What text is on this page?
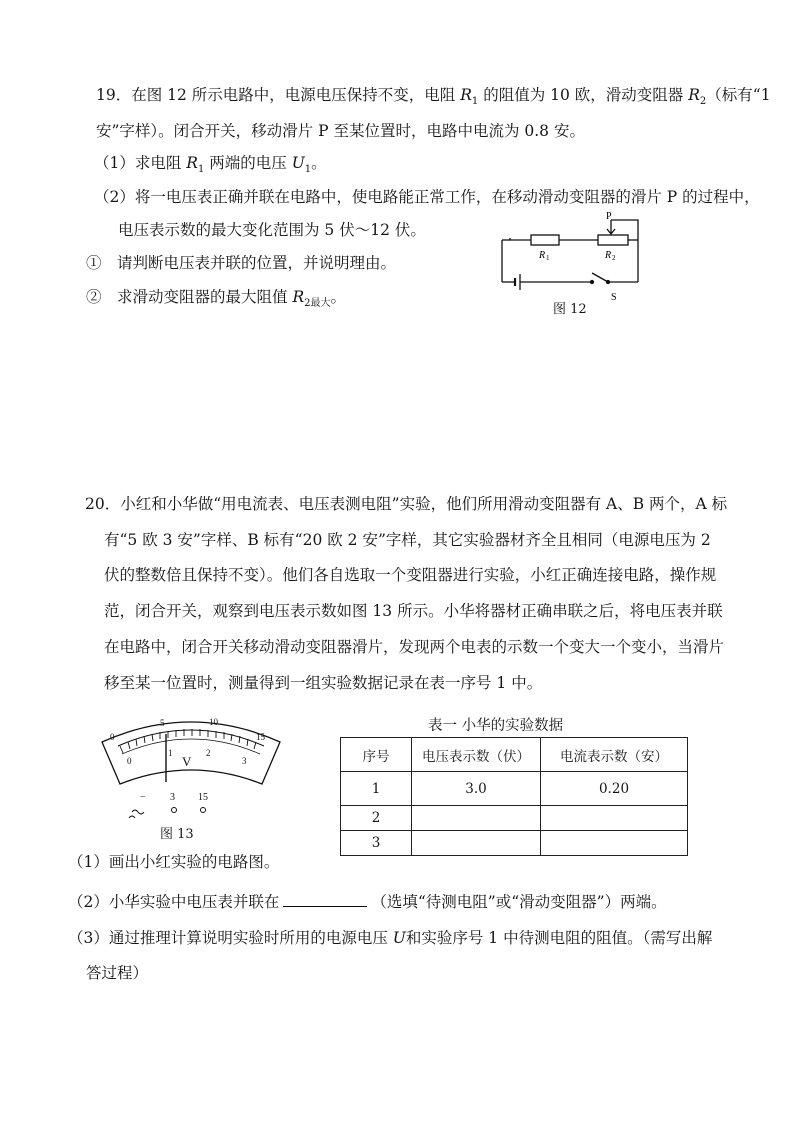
19．在图 12 所示电路中，电源电压保持不变，电阻 $R_1$ 的阻值为 10 欧，滑动变阻器 $R_2$（标有“1
安”字样）。闭合开关，移动滑片 P 至某位置时，电路中电流为 0.8 安。
（1）求电阻 $R_1$ 两端的电压 $U_1$。
（2）将一电压表正确并联在电路中，使电路能正常工作，在移动滑动变阻器的滑片 P 的过程中，
电压表示数的最大变化范围为 5 伏～12 伏。
①　请判断电压表并联的位置，并说明理由。
②　求滑动变阻器的最大阻值 $R_{2最大}$。
P
R 1	R 2
S
图 12
20．小红和小华做“用电流表、电压表测电阻”实验，他们所用滑动变阻器有 A、B 两个，A 标
有“5 欧 3 安”字样、B 标有“20 欧 2 安”字样，其它实验器材齐全且相同（电源电压为 2
伏的整数倍且保持不变）。他们各自选取一个变阻器进行实验，小红正确连接电路，操作规
范，闭合开关，观察到电压表示数如图 13 所示。小华将器材正确串联之后，将电压表并联
在电路中，闭合开关移动滑动变阻器滑片，发现两个电表的示数一个变大一个变小，当滑片
移至某一位置时，测量得到一组实验数据记录在表一序号 1 中。
0
5	10
15
0
1	2
3
V
− 3 15
图 13
表一 小华的实验数据
序号	电压表示数（伏）	电流表示数（安）
1	3.0	0.20
2		
3		
（1）画出小红实验的电路图。
（2）小华实验中电压表并联在	（选填“待测电阻”或“滑动变阻器”）两端。
（3）通过推理计算说明实验时所用的电源电压 U和实验序号 1 中待测电阻的阻值。（需写出解
答过程）
